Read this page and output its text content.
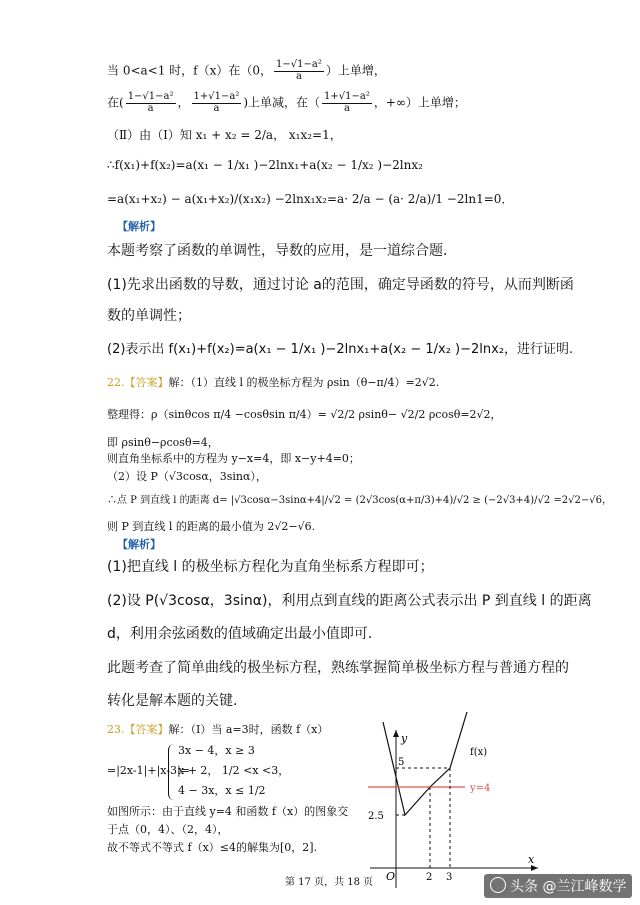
当 0<a<1 时，f（x）在（0， $\frac{\text{1−√1−a²}}{a}$ ）上单增，
在( $\frac{\text{1−√1−a²}}{a}$ ， $\frac{\text{1+√1−a²}}{a}$ )上单减，在（ $\frac{\text{1+√1−a²}}{a}$ ，+∞）上单增；
（Ⅱ）由（Ⅰ）知 x₁ + x₂ = 2/a， x₁x₂=1，
∴f(x₁)+f(x₂)=a(x₁ − 1/x₁ )−2lnx₁+a(x₂ − 1/x₂ )−2lnx₂
=a(x₁+x₂) − a(x₁+x₂)/(x₁x₂) −2lnx₁x₂=a· 2/a − (a· 2/a)/1 −2ln1=0．
【解析】
本题考察了函数的单调性，导数的应用，是一道综合题.
(1)先求出函数的导数，通过讨论 a的范围，确定导函数的符号，从而判断函
数的单调性；
(2)表示出 f(x₁)+f(x₂)=a(x₁ − 1/x₁ )−2lnx₁+a(x₂ − 1/x₂ )−2lnx₂，进行证明.
22.【答案】解：（1）直线 l 的极坐标方程为 ρsin（θ−π/4）=2√2.
整理得：ρ（sinθcos π/4 −cosθsin π/4）= √2/2 ρsinθ− √2/2 ρcosθ=2√2，
即 ρsinθ−ρcosθ=4，
则直角坐标系中的方程为 y−x=4，即 x−y+4=0；
（2）设 P（√3cosα，3sinα），
∴点 P 到直线 l 的距离 d= |√3cosα−3sinα+4|/√2 = (2√3cos(α+π/3)+4)/√2 ≥ (−2√3+4)/√2 =2√2−√6，
则 P 到直线 l 的距离的最小值为 2√2−√6.
【解析】
(1)把直线 l 的极坐标方程化为直角坐标系方程即可；
(2)设 P(√3cosα，3sinα)，利用点到直线的距离公式表示出 P 到直线 l 的距离
d，利用余弦函数的值域确定出最小值即可.
此题考查了简单曲线的极坐标方程，熟练掌握简单极坐标方程与普通方程的
转化是解本题的关键.
23.【答案】解：（Ⅰ）当 a=3时，函数 f（x）
=|2x-1|+|x-3|=
3x − 4，x ≥ 3
x + 2， 1/2 <x <3，
4 − 3x，x ≤ 1/2
如图所示：由于直线 y=4 和函数 f（x）的图象交
于点（0，4）、（2，4），
故不等式不等式 f（x）≤4的解集为[0，2].
y
x
O
f(x)
y=4
5
2.5
2 3
第 17 页，共 18 页	头条 @兰江峰数学
